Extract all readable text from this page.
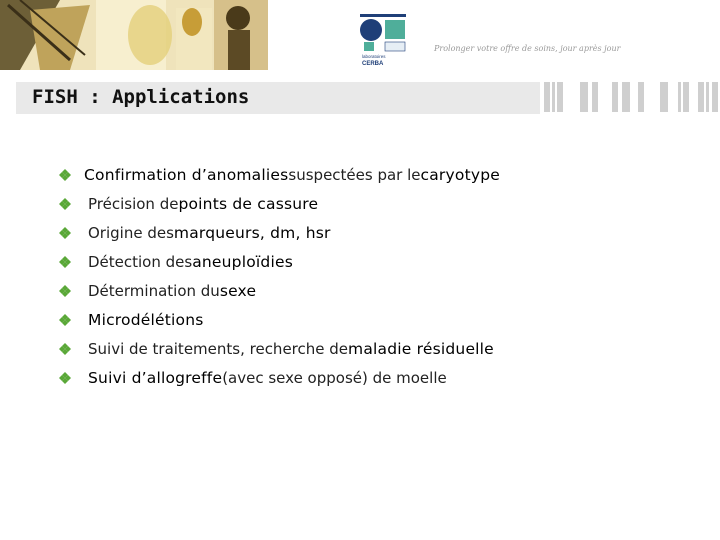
laboratoires
CERBA
Prolonger votre offre de soins, jour après jour
FISH : Applications
Confirmation d’anomalies suspectées par le caryotype
Précision de points de cassure
Origine des marqueurs, dm, hsr
Détection des aneuploïdies
Détermination du sexe
Microdélétions
Suivi de traitements, recherche de maladie résiduelle
Suivi d’allogreffe (avec sexe opposé) de moelle
